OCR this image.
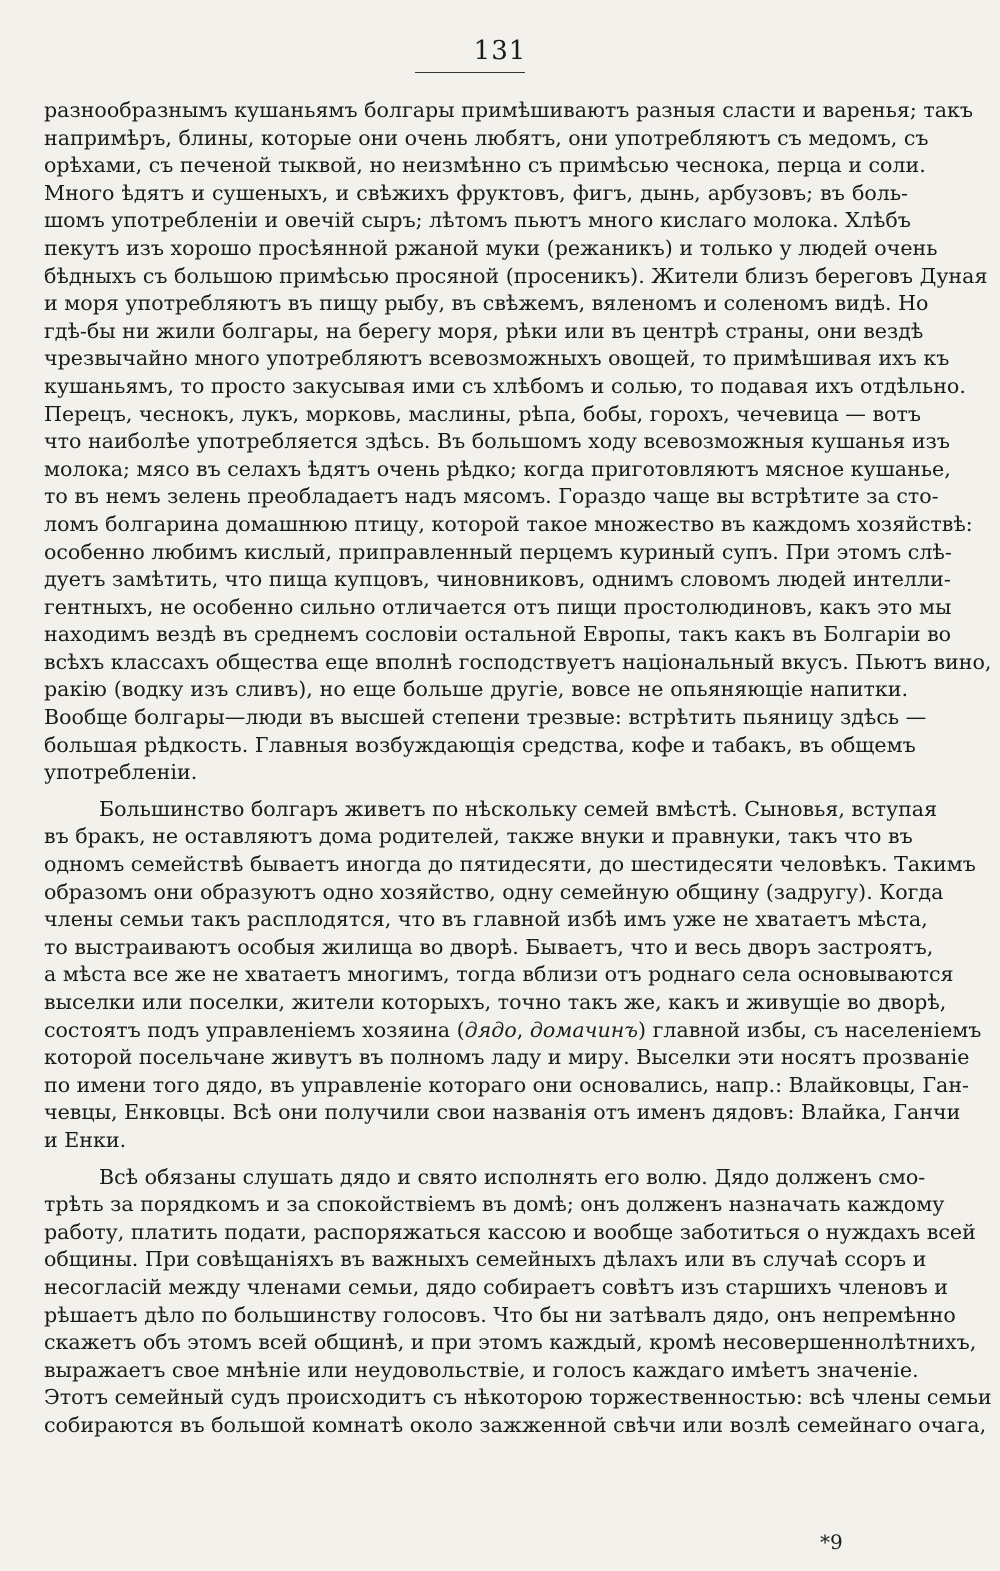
131
разнообразнымъ кушаньямъ болгары примѣшиваютъ разныя сласти и варенья; такъ
напримѣръ, блины, которые они очень любятъ, они употребляютъ съ медомъ, съ
орѣхами, съ печеной тыквой, но неизмѣнно съ примѣсью чеснока, перца и соли.
Много ѣдятъ и сушеныхъ, и свѣжихъ фруктовъ, фигъ, дынь, арбузовъ; въ боль-
шомъ употребленіи и овечій сыръ; лѣтомъ пьютъ много кислаго молока. Хлѣбъ
пекутъ изъ хорошо просѣянной ржаной муки (режаникъ) и только у людей очень
бѣдныхъ съ большою примѣсью просяной (просеникъ). Жители близъ береговъ Дуная
и моря употребляютъ въ пищу рыбу, въ свѣжемъ, вяленомъ и соленомъ видѣ. Но
гдѣ-бы ни жили болгары, на берегу моря, рѣки или въ центрѣ страны, они вездѣ
чрезвычайно много употребляютъ всевозможныхъ овощей, то примѣшивая ихъ къ
кушаньямъ, то просто закусывая ими съ хлѣбомъ и солью, то подавая ихъ отдѣльно.
Перецъ, чеснокъ, лукъ, морковь, маслины, рѣпа, бобы, горохъ, чечевица — вотъ
что наиболѣе употребляется здѣсь. Въ большомъ ходу всевозможныя кушанья изъ
молока; мясо въ селахъ ѣдятъ очень рѣдко; когда приготовляютъ мясное кушанье,
то въ немъ зелень преобладаетъ надъ мясомъ. Гораздо чаще вы встрѣтите за сто-
ломъ болгарина домашнюю птицу, которой такое множество въ каждомъ хозяйствѣ:
особенно любимъ кислый, приправленный перцемъ куриный супъ. При этомъ слѣ-
дуетъ замѣтить, что пища купцовъ, чиновниковъ, однимъ словомъ людей интелли-
гентныхъ, не особенно сильно отличается отъ пищи простолюдиновъ, какъ это мы
находимъ вездѣ въ среднемъ сословіи остальной Европы, такъ какъ въ Болгаріи во
всѣхъ классахъ общества еще вполнѣ господствуетъ національный вкусъ. Пьютъ вино,
ракію (водку изъ сливъ), но еще больше другіе, вовсе не опьяняющіе напитки.
Вообще болгары—люди въ высшей степени трезвые: встрѣтить пьяницу здѣсь —
большая рѣдкость. Главныя возбуждающія средства, кофе и табакъ, въ общемъ
употребленіи.
Большинство болгаръ живетъ по нѣскольку семей вмѣстѣ. Сыновья, вступая
въ бракъ, не оставляютъ дома родителей, также внуки и правнуки, такъ что въ
одномъ семействѣ бываетъ иногда до пятидесяти, до шестидесяти человѣкъ. Такимъ
образомъ они образуютъ одно хозяйство, одну семейную общину (задругу). Когда
члены семьи такъ расплодятся, что въ главной избѣ имъ уже не хватаетъ мѣста,
то выстраиваютъ особыя жилища во дворѣ. Бываетъ, что и весь дворъ застроятъ,
а мѣста все же не хватаетъ многимъ, тогда вблизи отъ роднаго села основываются
выселки или поселки, жители которыхъ, точно такъ же, какъ и живущіе во дворѣ,
состоятъ подъ управленіемъ хозяина (дядо, домачинъ) главной избы, съ населеніемъ
которой посельчане живутъ въ полномъ ладу и миру. Выселки эти носятъ прозваніе
по имени того дядо, въ управленіе котораго они основались, напр.: Влайковцы, Ган-
чевцы, Енковцы. Всѣ они получили свои названія отъ именъ дядовъ: Влайка, Ганчи
и Енки.
Всѣ обязаны слушать дядо и свято исполнять его волю. Дядо долженъ смо-
трѣть за порядкомъ и за спокойствіемъ въ домѣ; онъ долженъ назначать каждому
работу, платить подати, распоряжаться кассою и вообще заботиться о нуждахъ всей
общины. При совѣщаніяхъ въ важныхъ семейныхъ дѣлахъ или въ случаѣ ссоръ и
несогласій между членами семьи, дядо собираетъ совѣтъ изъ старшихъ членовъ и
рѣшаетъ дѣло по большинству голосовъ. Что бы ни затѣвалъ дядо, онъ непремѣнно
скажетъ объ этомъ всей общинѣ, и при этомъ каждый, кромѣ несовершеннолѣтнихъ,
выражаетъ свое мнѣніе или неудовольствіе, и голосъ каждаго имѣетъ значеніе.
Этотъ семейный судъ происходитъ съ нѣкоторою торжественностью: всѣ члены семьи
собираются въ большой комнатѣ около зажженной свѣчи или возлѣ семейнаго очага,
*9
